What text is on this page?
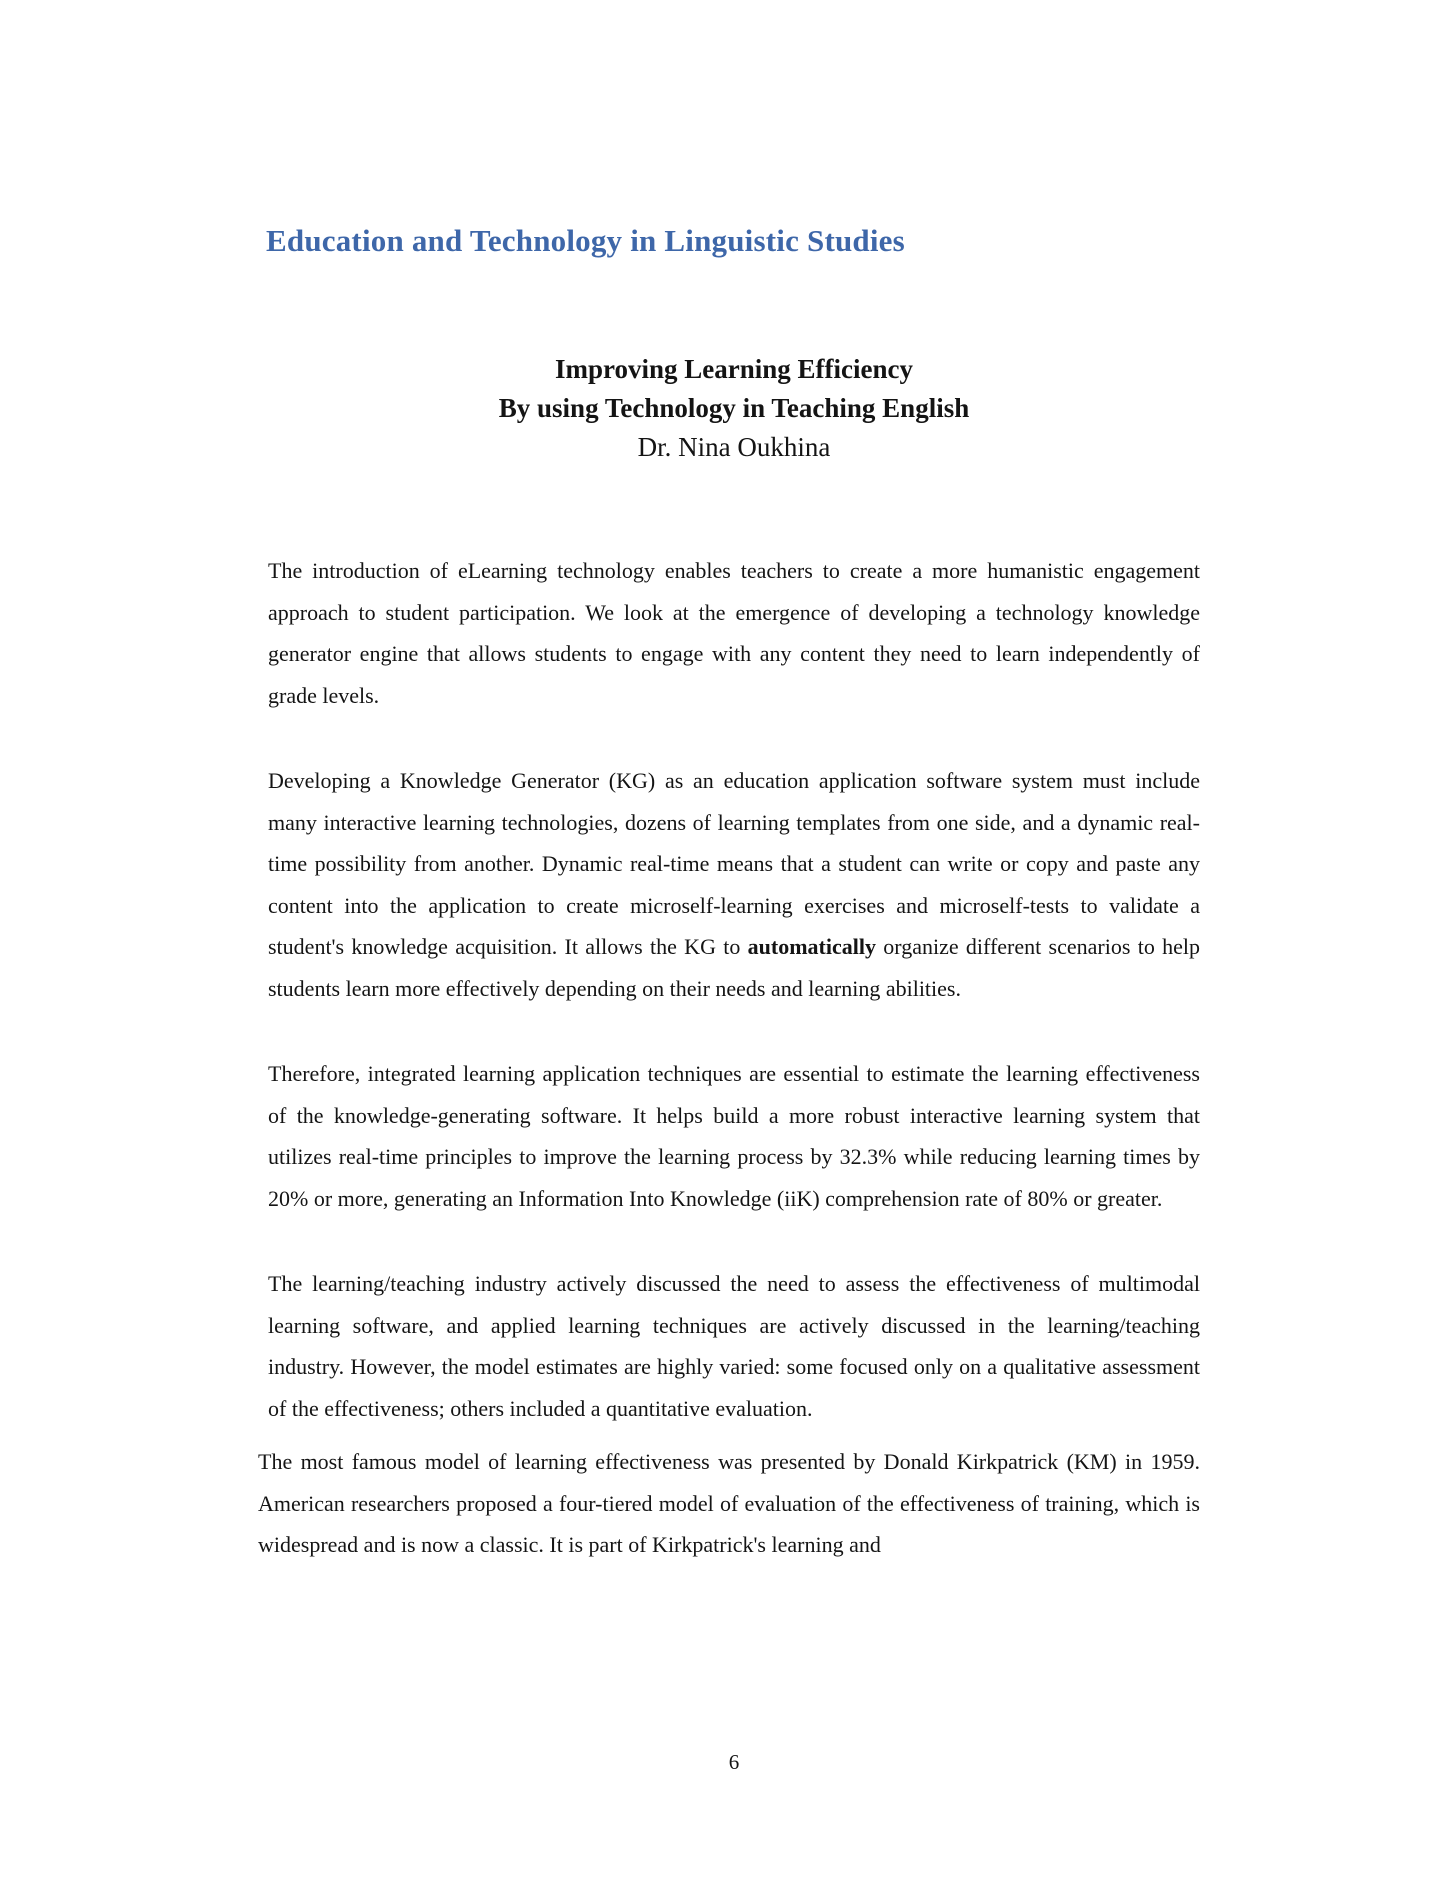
Education and Technology in Linguistic Studies
Improving Learning Efficiency
By using Technology in Teaching English
Dr. Nina Oukhina

The introduction of eLearning technology enables teachers to create a more humanistic engagement approach to student participation. We look at the emergence of developing a technology knowledge generator engine that allows students to engage with any content they need to learn independently of grade levels.

Developing a Knowledge Generator (KG) as an education application software system must include many interactive learning technologies, dozens of learning templates from one side, and a dynamic real-time possibility from another. Dynamic real-time means that a student can write or copy and paste any content into the application to create microself-learning exercises and microself-tests to validate a student's knowledge acquisition. It allows the KG to automatically organize different scenarios to help students learn more effectively depending on their needs and learning abilities.

Therefore, integrated learning application techniques are essential to estimate the learning effectiveness of the knowledge-generating software. It helps build a more robust interactive learning system that utilizes real-time principles to improve the learning process by 32.3% while reducing learning times by 20% or more, generating an Information Into Knowledge (iiK) comprehension rate of 80% or greater.

The learning/teaching industry actively discussed the need to assess the effectiveness of multimodal learning software, and applied learning techniques are actively discussed in the learning/teaching industry. However, the model estimates are highly varied: some focused only on a qualitative assessment of the effectiveness; others included a quantitative evaluation.

The most famous model of learning effectiveness was presented by Donald Kirkpatrick (KM) in 1959. American researchers proposed a four-tiered model of evaluation of the effectiveness of training, which is widespread and is now a classic. It is part of Kirkpatrick's learning and

6
